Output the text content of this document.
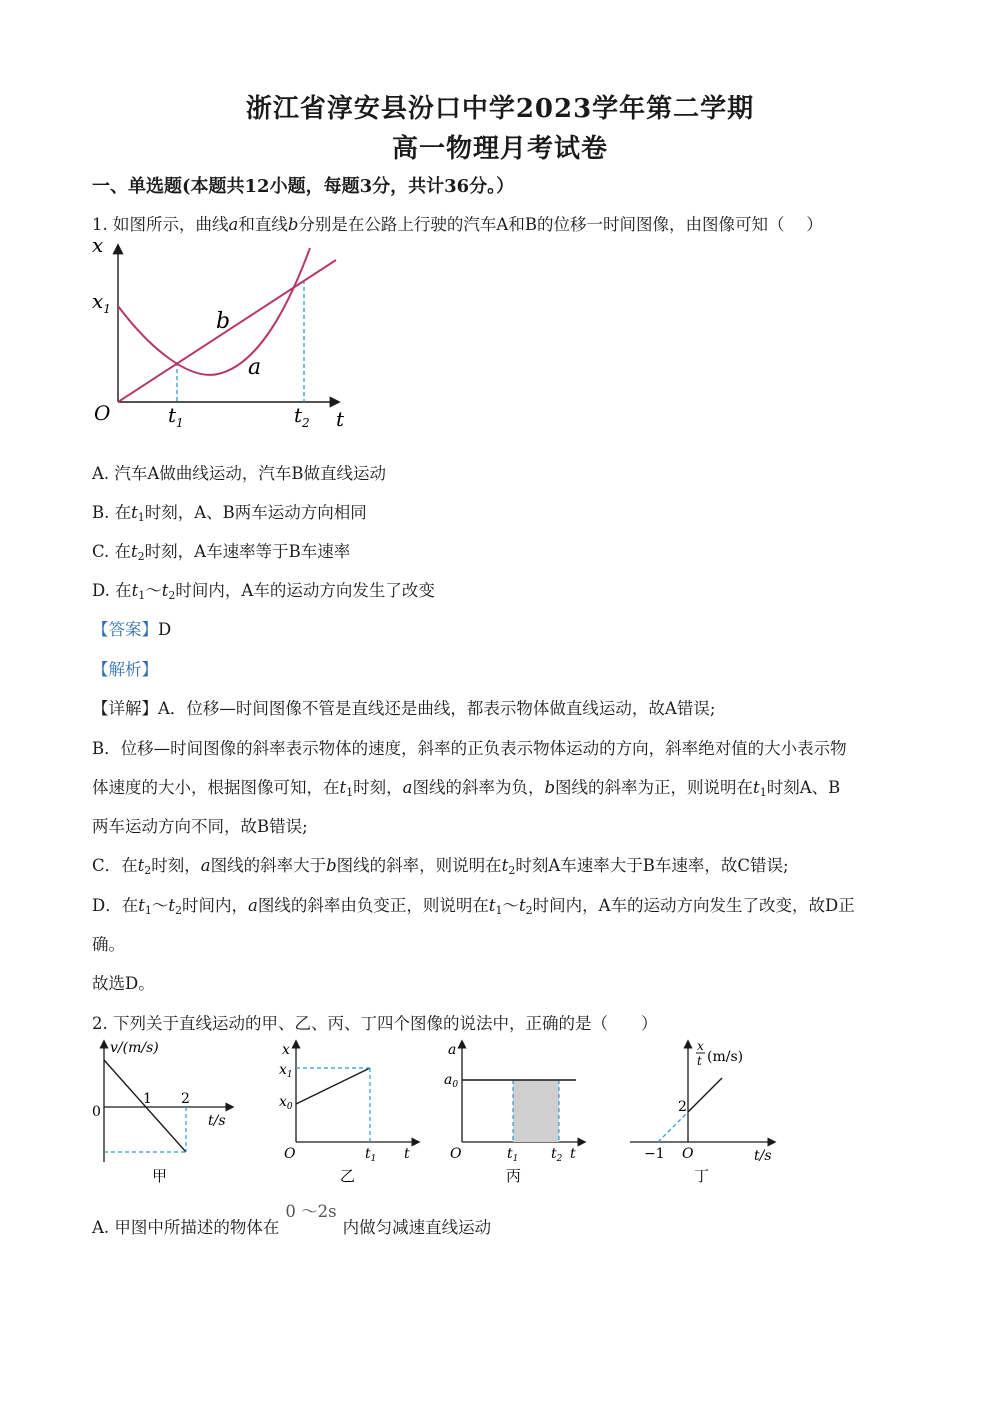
浙江省淳安县汾口中学2023学年第二学期
高一物理月考试卷
一、单选题(本题共12小题，每题3分，共计36分。）
1. 如图所示，曲线a和直线b分别是在公路上行驶的汽车A和B的位移一时间图像，由图像可知（　 ）
x
$x_1$
O	$t_1$	$t_2$ t
b
a
A. 汽车A做曲线运动，汽车B做直线运动
B. 在$t_1$时刻，A、B两车运动方向相同
C. 在$t_2$时刻，A车速率等于B车速率
D. 在$t_1\sim t_2$时间内，A车的运动方向发生了改变
【答案】D
【解析】
【详解】A．位移—时间图像不管是直线还是曲线，都表示物体做直线运动，故A错误;
B．位移—时间图像的斜率表示物体的速度，斜率的正负表示物体运动的方向，斜率绝对值的大小表示物
体速度的大小，根据图像可知，在$t_1$时刻，a图线的斜率为负，b图线的斜率为正，则说明在$t_1$时刻A、B
两车运动方向不同，故B错误;
C．在$t_2$时刻，a图线的斜率大于b图线的斜率，则说明在$t_2$时刻A车速率大于B车速率，故C错误;
D．在$t_1\sim t_2$时间内，a图线的斜率由负变正，则说明在$t_1\sim t_2$时间内，A车的运动方向发生了改变，故D正
确。
故选D。
2. 下列关于直线运动的甲、乙、丙、丁四个图像的说法中，正确的是（　　）
v/(m/s)
0
1 2
t/s
甲
x
$x_1$
$x_0$
O	$t_1$ t
乙
a
$a_0$
O	$t_1$ $t_2$ t
丙
x
t (m/s)
2
−1 O	t/s
丁
A. 甲图中所描述的物体在0 ～2s内做匀减速直线运动
